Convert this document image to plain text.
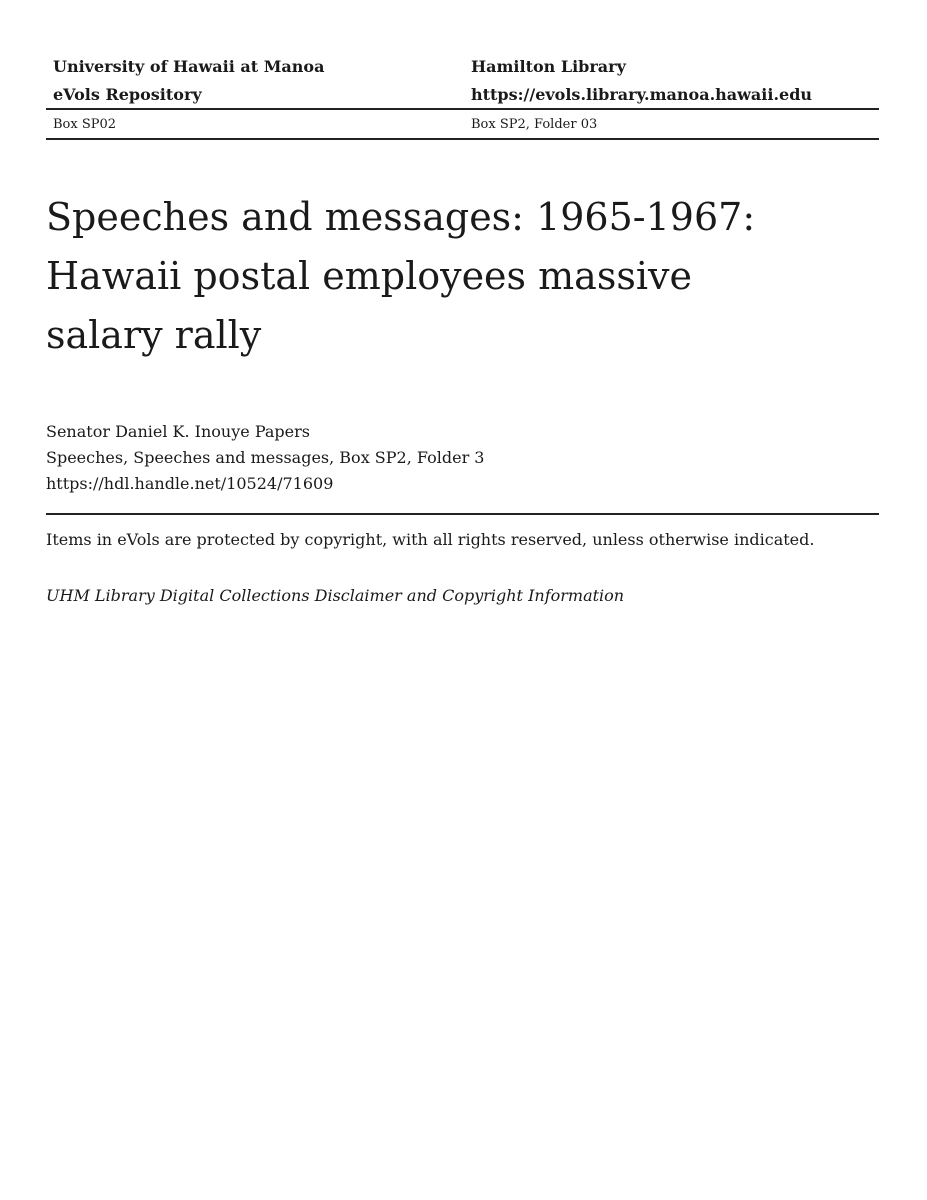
University of Hawaii at Manoa	Hamilton Library
eVols Repository	https://evols.library.manoa.hawaii.edu
Box SP02	Box SP2, Folder 03
Speeches and messages: 1965-1967: Hawaii postal employees massive salary rally
Senator Daniel K. Inouye Papers
Speeches, Speeches and messages, Box SP2, Folder 3
https://hdl.handle.net/10524/71609
Items in eVols are protected by copyright, with all rights reserved, unless otherwise indicated.
UHM Library Digital Collections Disclaimer and Copyright Information
